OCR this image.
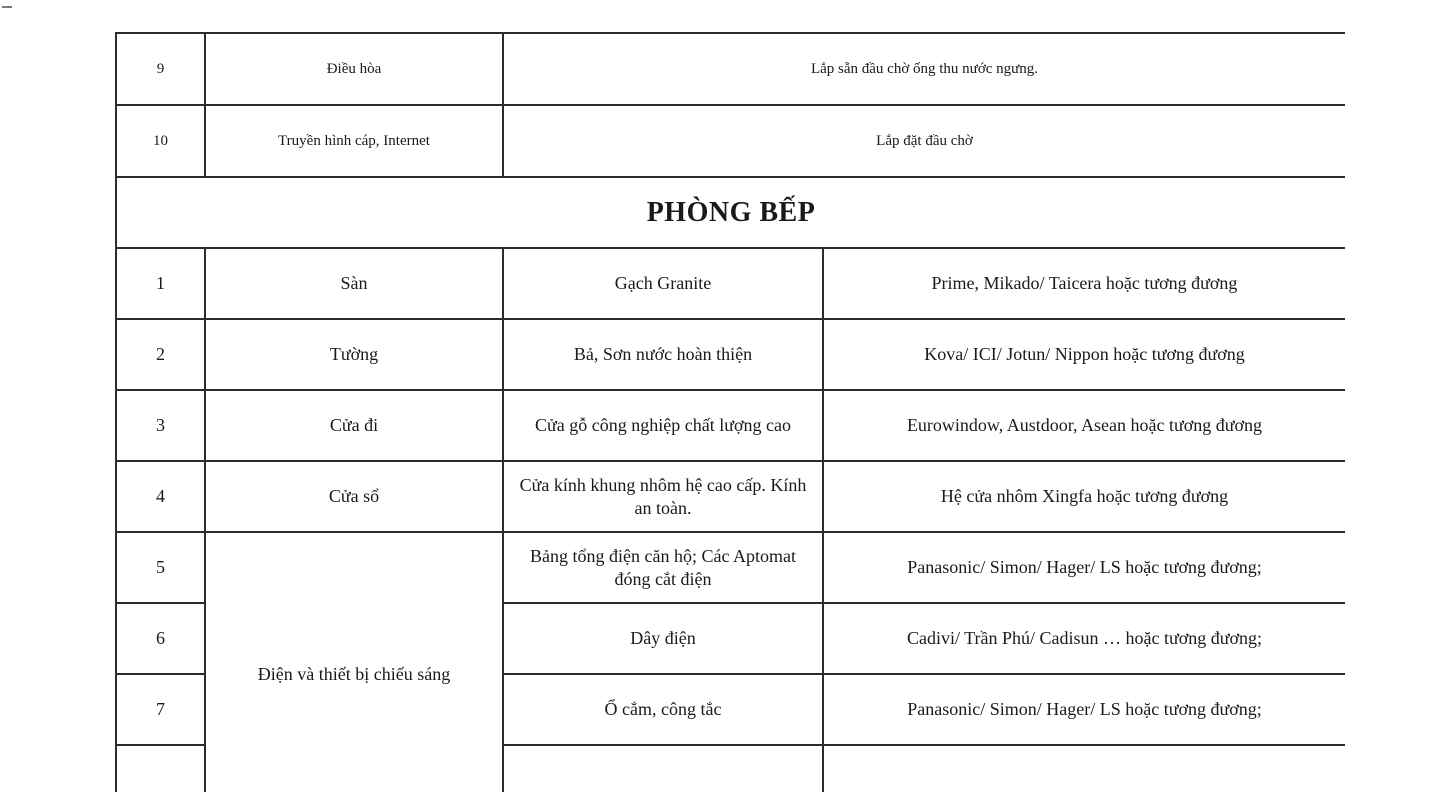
9	Điều hòa	Lắp sẵn đầu chờ ống thu nước ngưng.	
10	Truyền hình cáp, Internet	Lắp đặt đầu chờ	
PHÒNG BẾP			
1	Sàn	Gạch Granite	Prime, Mikado/ Taicera hoặc tương đương
2	Tường	Bả, Sơn nước hoàn thiện	Kova/ ICI/ Jotun/ Nippon hoặc tương đương
3	Cửa đi	Cửa gỗ công nghiệp chất lượng cao	Eurowindow, Austdoor, Asean hoặc tương đương
4	Cửa sổ	Cửa kính khung nhôm hệ cao cấp. Kính an toàn.	Hệ cửa nhôm Xingfa hoặc tương đương
5	Điện và thiết bị chiếu sáng	Bảng tổng điện căn hộ; Các Aptomat đóng cắt điện	Panasonic/ Simon/ Hager/ LS hoặc tương đương;
6		Dây điện	Cadivi/ Trần Phú/ Cadisun … hoặc tương đương;
7		Ổ cắm, công tắc	Panasonic/ Simon/ Hager/ LS hoặc tương đương;
